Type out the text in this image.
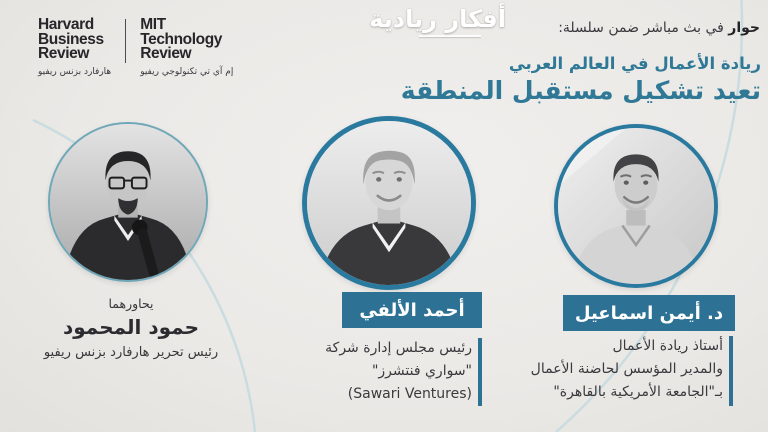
Harvard
Business
Review
هارفارد بزنس ريفيو
MIT
Technology
Review
إم آي تي تكنولوجي ريفيو
حوار في بث مباشر ضمن سلسلة:
أفكار ريادية
ريادة الأعمال في العالم العربي
تعيد تشكيل مستقبل المنطقة
يحاورهما
حمود المحمود
رئيس تحرير هارفارد بزنس ريفيو
أحمد الألفي
رئيس مجلس إدارة شركة
"سواري فنتشرز"
(Sawari Ventures)
د. أيمن اسماعيل
أستاذ ريادة الأعمال
والمدير المؤسس لحاضنة الأعمال
بـ"الجامعة الأمريكية بالقاهرة"
